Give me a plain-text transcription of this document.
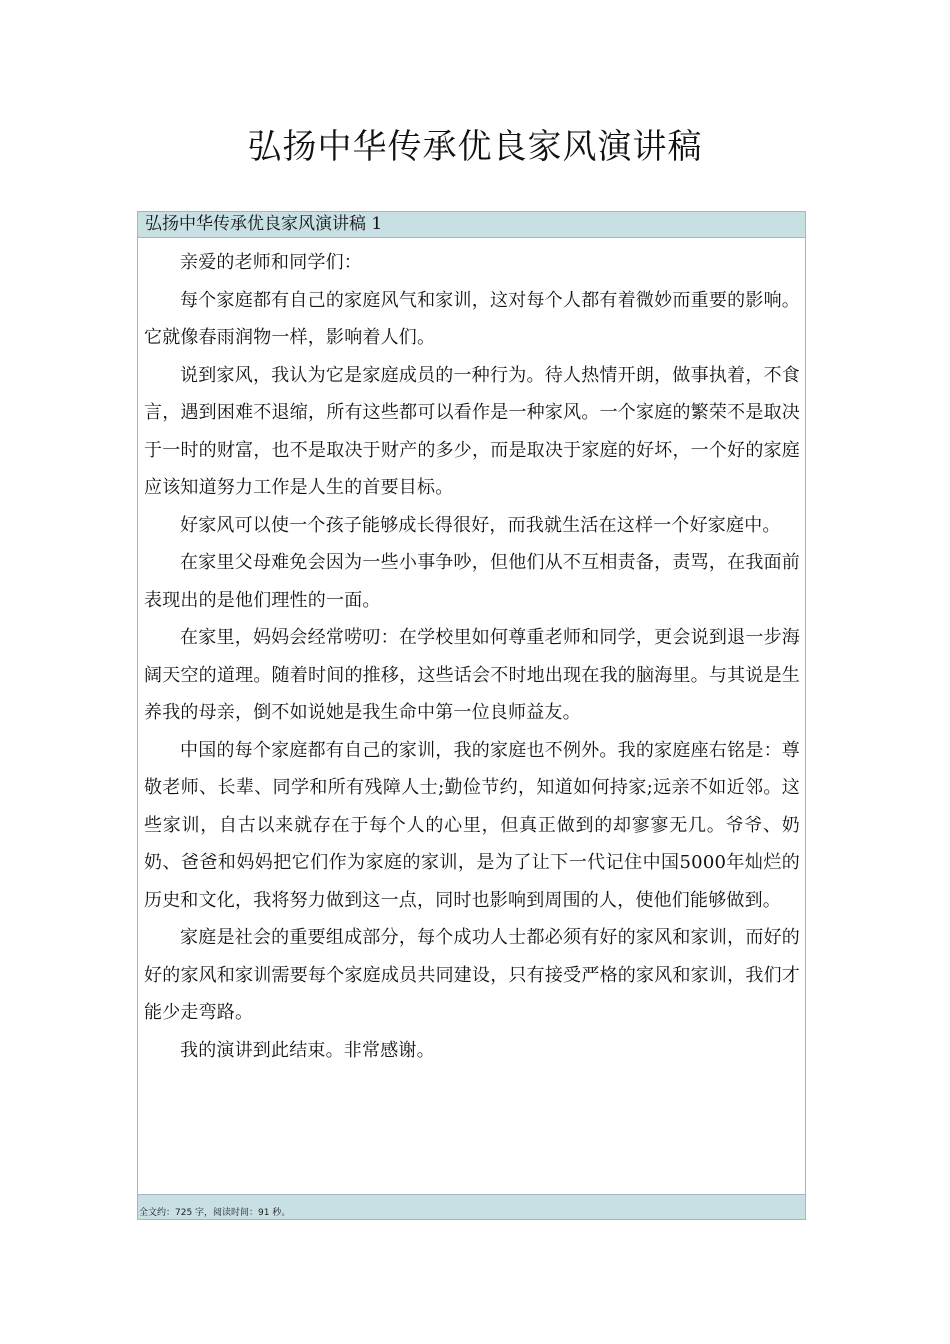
弘扬中华传承优良家风演讲稿
弘扬中华传承优良家风演讲稿 1

亲爱的老师和同学们：

每个家庭都有自己的家庭风气和家训，这对每个人都有着微妙而重要的影响。它就像春雨润物一样，影响着人们。

说到家风，我认为它是家庭成员的一种行为。待人热情开朗，做事执着，不食言，遇到困难不退缩，所有这些都可以看作是一种家风。一个家庭的繁荣不是取决于一时的财富，也不是取决于财产的多少，而是取决于家庭的好坏，一个好的家庭应该知道努力工作是人生的首要目标。

好家风可以使一个孩子能够成长得很好，而我就生活在这样一个好家庭中。

在家里父母难免会因为一些小事争吵，但他们从不互相责备，责骂，在我面前表现出的是他们理性的一面。

在家里，妈妈会经常唠叨：在学校里如何尊重老师和同学，更会说到退一步海阔天空的道理。随着时间的推移，这些话会不时地出现在我的脑海里。与其说是生养我的母亲，倒不如说她是我生命中第一位良师益友。

中国的每个家庭都有自己的家训，我的家庭也不例外。我的家庭座右铭是：尊敬老师、长辈、同学和所有残障人士;勤俭节约，知道如何持家;远亲不如近邻。这些家训，自古以来就存在于每个人的心里，但真正做到的却寥寥无几。爷爷、奶奶、爸爸和妈妈把它们作为家庭的家训，是为了让下一代记住中国5000年灿烂的历史和文化，我将努力做到这一点，同时也影响到周围的人，使他们能够做到。

家庭是社会的重要组成部分，每个成功人士都必须有好的家风和家训，而好的好的家风和家训需要每个家庭成员共同建设，只有接受严格的家风和家训，我们才能少走弯路。

我的演讲到此结束。非常感谢。

全文约：725 字，阅读时间：91 秒。
